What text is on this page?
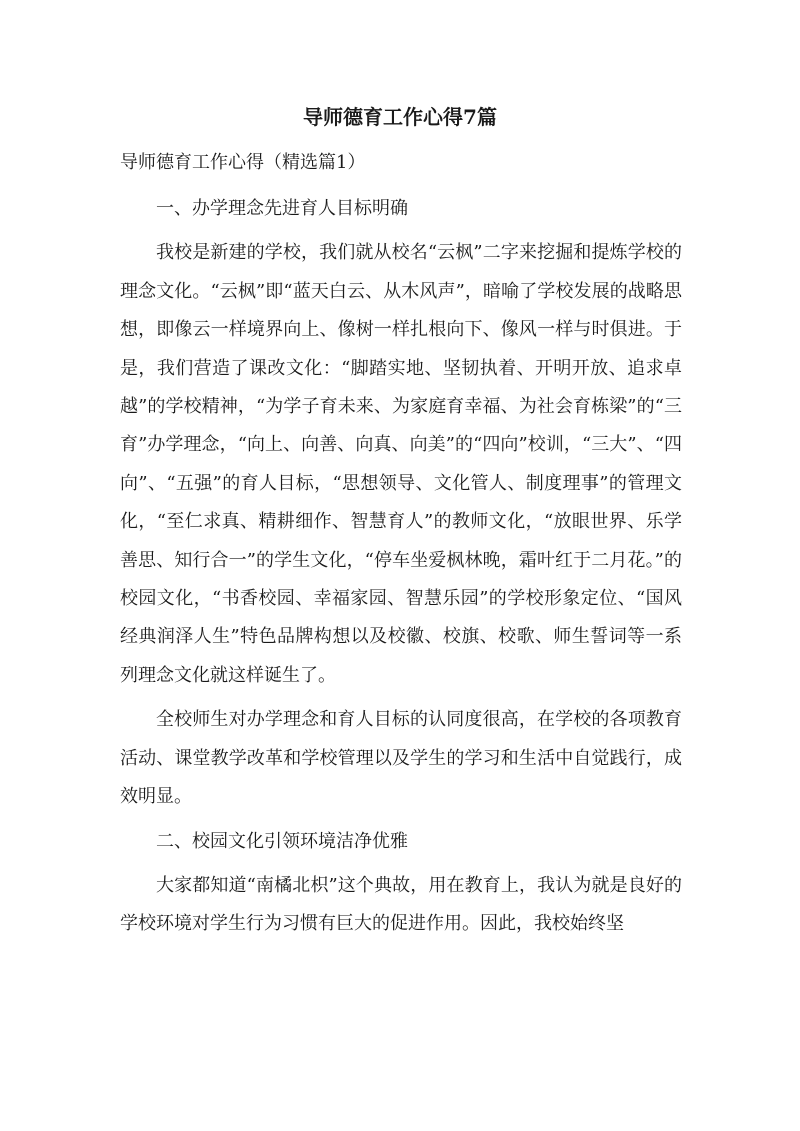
导师德育工作心得7篇
导师德育工作心得（精选篇1）

一、办学理念先进育人目标明确

我校是新建的学校，我们就从校名“云枫”二字来挖掘和提炼学校的理念文化。“云枫”即“蓝天白云、从木风声”，暗喻了学校发展的战略思想，即像云一样境界向上、像树一样扎根向下、像风一样与时俱进。于是，我们营造了课改文化：“脚踏实地、坚韧执着、开明开放、追求卓越”的学校精神，“为学子育未来、为家庭育幸福、为社会育栋梁”的“三育”办学理念，“向上、向善、向真、向美”的“四向”校训，“三大”、“四向”、“五强”的育人目标，“思想领导、文化管人、制度理事”的管理文化，“至仁求真、精耕细作、智慧育人”的教师文化，“放眼世界、乐学善思、知行合一”的学生文化，“停车坐爱枫林晚，霜叶红于二月花。”的校园文化，“书香校园、幸福家园、智慧乐园”的学校形象定位、“国风经典润泽人生”特色品牌构想以及校徽、校旗、校歌、师生誓词等一系列理念文化就这样诞生了。

全校师生对办学理念和育人目标的认同度很高，在学校的各项教育活动、课堂教学改革和学校管理以及学生的学习和生活中自觉践行，成效明显。

二、校园文化引领环境洁净优雅

大家都知道“南橘北枳”这个典故，用在教育上，我认为就是良好的学校环境对学生行为习惯有巨大的促进作用。因此，我校始终坚
